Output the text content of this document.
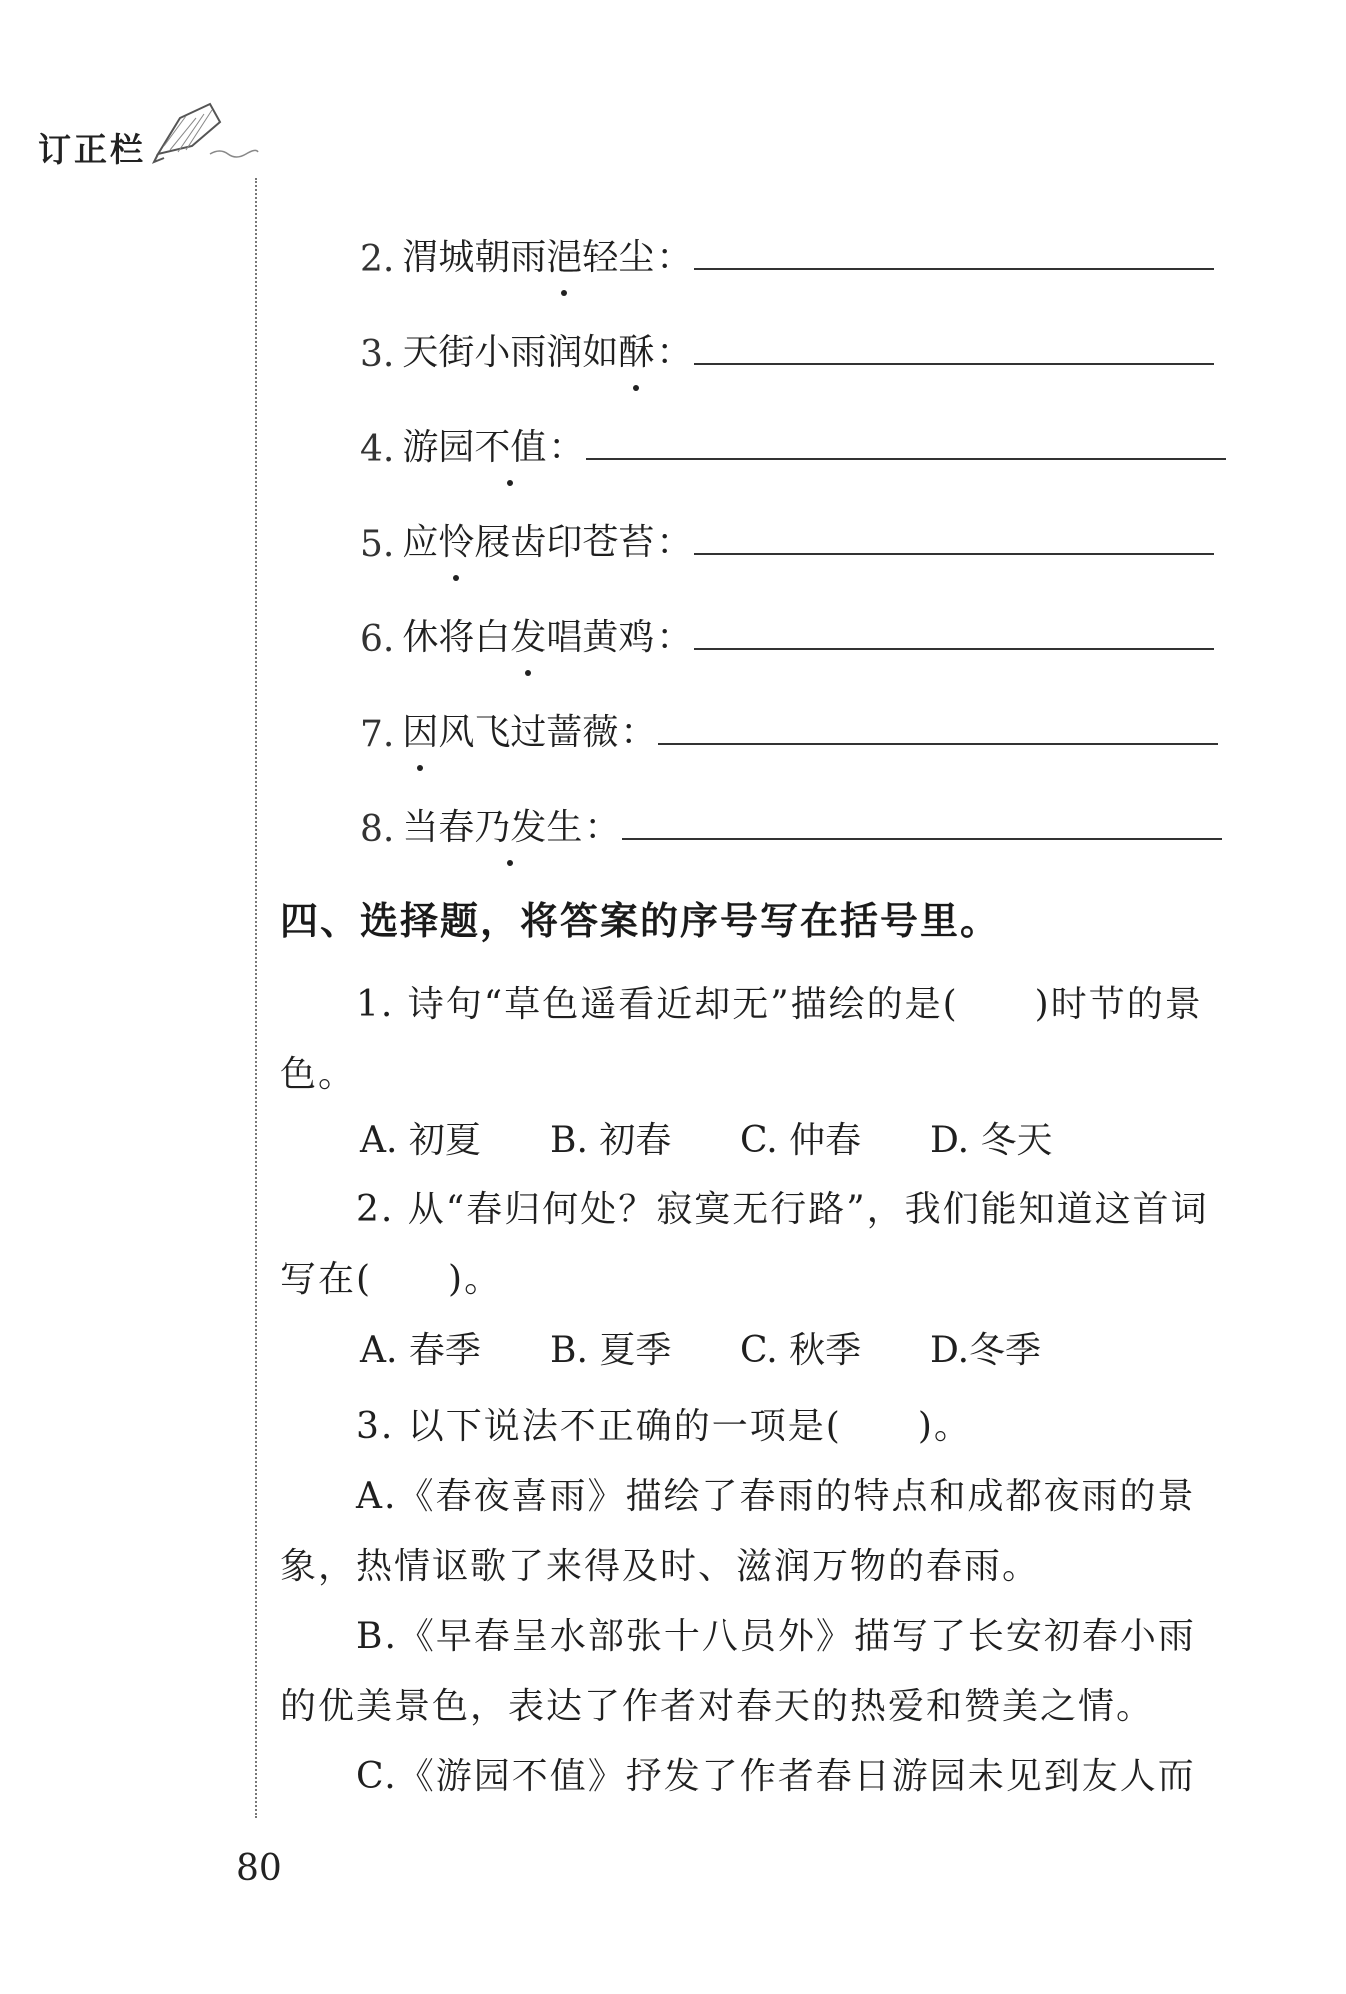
订正栏
2. 渭城朝雨 浥 轻尘 ：
3. 天街小雨润如 酥 ：
4. 游园 不值 ：
5. 应 怜 屐齿印苍苔 ：
6. 休将 白发唱 黄鸡 ：
7. 因 风飞过蔷薇 ：
8. 当春 乃发 生 ：
四、选择题，将答案的序号写在括号里。
1. 诗句“草色遥看近却无”描绘的是(　　)时节的景色。
A. 初夏	B. 初春	C. 仲春	D. 冬天
2. 从“春归何处？寂寞无行路”，我们能知道这首词写在(　　)。
A. 春季	B. 夏季	C. 秋季	D.冬季
3. 以下说法不正确的一项是(　　)。
A.《春夜喜雨》描绘了春雨的特点和成都夜雨的景象，热情讴歌了来得及时、滋润万物的春雨。
B.《早春呈水部张十八员外》描写了长安初春小雨的优美景色，表达了作者对春天的热爱和赞美之情。
C.《游园不值》抒发了作者春日游园未见到友人而
80
